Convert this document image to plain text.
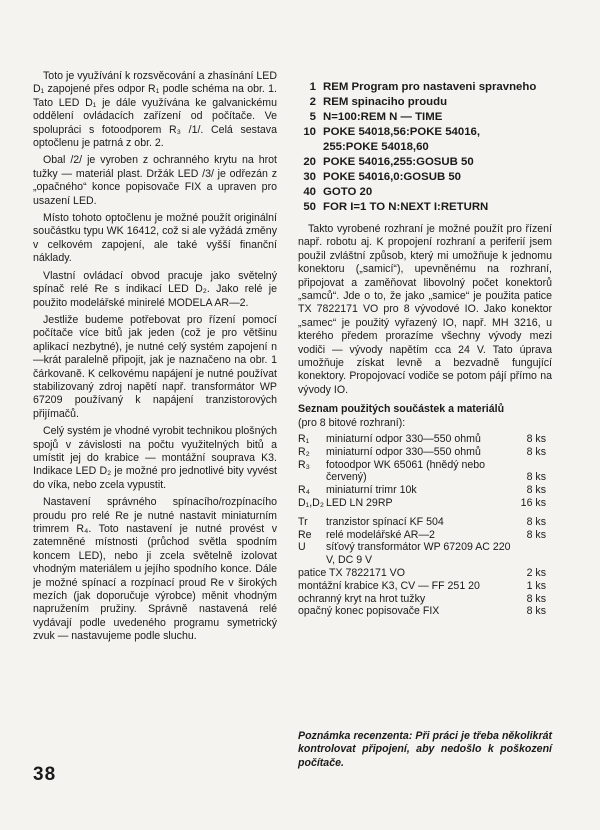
Toto je využívání k rozsvěcování a zhasínání LED D₁ zapojené přes odpor R₁ podle schéma na obr. 1. Tato LED D₁ je dále využívána ke galvanickému oddělení ovládacích zařízení od počítače. Ve spolupráci s fotoodporem R₃ /1/. Celá sestava optočlenu je patrná z obr. 2.

Obal /2/ je vyroben z ochranného krytu na hrot tužky — materiál plast. Držák LED /3/ je odřezán z „opačného“ konce popisovače FIX a upraven pro usazení LED.

Místo tohoto optočlenu je možné použít originální součástku typu WK 16412, což si ale vyžádá změny v celkovém zapojení, ale také vyšší finanční náklady.

Vlastní ovládací obvod pracuje jako světelný spínač relé Re s indikací LED D₂. Jako relé je použito modelářské minirelé MODELA AR—2.

Jestliže budeme potřebovat pro řízení pomocí počítače více bitů jak jeden (což je pro většinu aplikací nezbytné), je nutné celý systém zapojení n—krát paralelně připojit, jak je naznačeno na obr. 1 čárkovaně. K celkovému napájení je nutné používat stabilizovaný zdroj napětí např. transformátor WP 67209 používaný k napájení tranzistorových přijímačů.

Celý systém je vhodné vyrobit technikou plošných spojů v závislosti na počtu využitelných bitů a umístit jej do krabice — montážní souprava K3. Indikace LED D₂ je možné pro jednotlivé bity vyvést do víka, nebo zcela vypustit.

Nastavení správného spínacího/rozpínacího proudu pro relé Re je nutné nastavit miniaturním trimrem R₄. Toto nastavení je nutné provést v zatemněné místnosti (průchod světla spodním koncem LED), nebo ji zcela světelně izolovat vhodným materiálem u jejího spodního konce. Dále je možné spínací a rozpínací proud Re v širokých mezích (jak doporučuje výrobce) měnit vhodným napružením pružiny. Správně nastavená relé vydávají podle uvedeného programu symetrický zvuk — nastavujeme podle sluchu.

1 REM Program pro nastaveni spravneho
2 REM spinaciho proudu
5 N=100:REM N — TIME
10 POKE 54018,56:POKE 54016,
255:POKE 54018,60
20 POKE 54016,255:GOSUB 50
30 POKE 54016,0:GOSUB 50
40 GOTO 20
50 FOR I=1 TO N:NEXT I:RETURN

Takto vyrobené rozhraní je možné použít pro řízení např. robotu aj. K propojení rozhraní a periferií jsem použil zvláštní způsob, který mi umožňuje k jednomu konektoru („samicí“), upevněnému na rozhraní, připojovat a zaměňovat libovolný počet konektorů „samců“. Jde o to, že jako „samice“ je použita patice TX 7822171 VO pro 8 vývodové IO. Jako konektor „samec“ je použitý vyřazený IO, např. MH 3216, u kterého předem prorazíme všechny vývody mezi vodiči — vývody napětím cca 24 V. Tato úprava umožňuje získat levně a bezvadně fungující konektory. Propojovací vodiče se potom pájí přímo na vývody IO.

Seznam použitých součástek a materiálů
(pro 8 bitové rozhraní):
R₁	miniaturní odpor 330—550 ohmů	8 ks
R₂	miniaturní odpor 330—550 ohmů	8 ks
R₃	fotoodpor WK 65061 (hnědý nebo červený)	8 ks
R₄	miniaturní trimr 10k	8 ks
D₁,D₂	LED LN 29RP	16 ks
Tr	tranzistor spínací KF 504	8 ks
Re	relé modelářské AR—2	8 ks
U	síťový transformátor WP 67209 AC 220 V, DC 9 V	
patice TX 7822171 VO		2 ks
montážní krabice K3, CV — FF 251 20		1 ks
ochranný kryt na hrot tužky		8 ks
opačný konec popisovače FIX		8 ks
Poznámka recenzenta: Při práci je třeba několikrát kontrolovat připojení, aby nedošlo k poškození počítače.
38
